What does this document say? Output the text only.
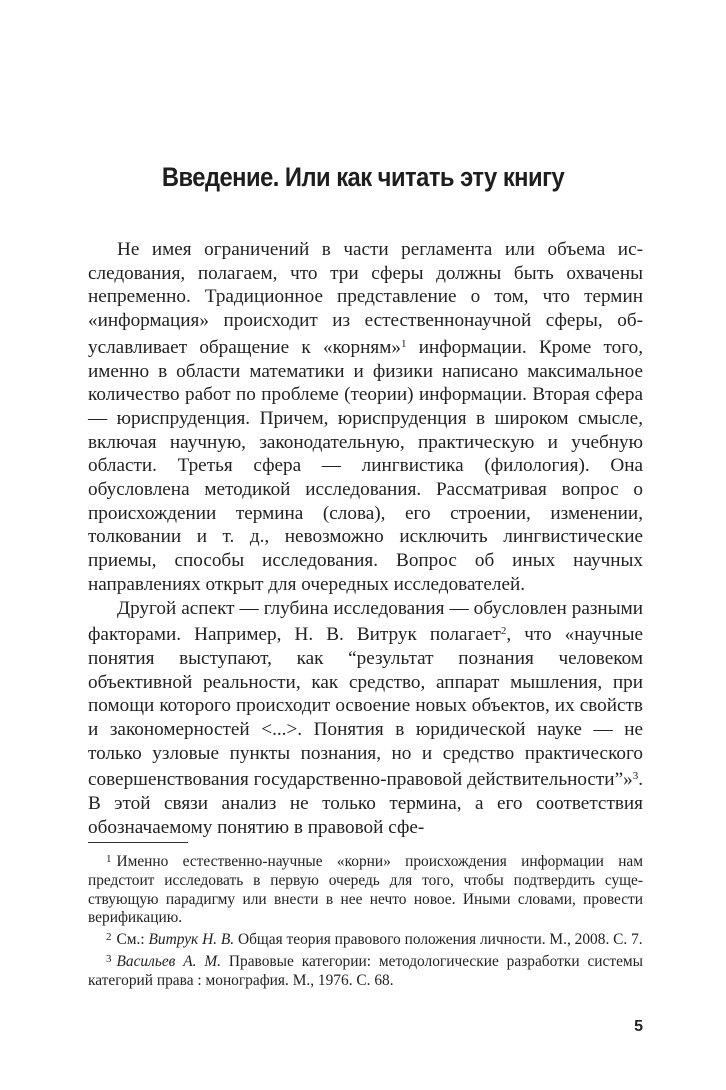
Введение. Или как читать эту книгу

Не имея ограничений в части регламента или объема исследования, полагаем, что три сферы должны быть охвачены непременно. Традиционное представление о том, что термин «информация» происходит из естественнонаучной сферы, обуславливает обращение к «корням»$^1$ информации. Кроме того, именно в области математики и физики написано максимальное количество работ по проблеме (теории) информации. Вторая сфера — юриспруденция. Причем, юриспруденция в широком смысле, включая научную, законодательную, практическую и учебную области. Третья сфера — лингвистика (филология). Она обусловлена методикой исследования. Рассматривая вопрос о происхождении термина (слова), его строении, изменении, толковании и т. д., невозможно исключить лингвистические приемы, способы исследования. Вопрос об иных научных направлениях открыт для очередных исследователей.

Другой аспект — глубина исследования — обусловлен разными факторами. Например, Н. В. Витрук полагает$^2$, что «научные понятия выступают, как “результат познания человеком объективной реальности, как средство, аппарат мышления, при помощи которого происходит освоение новых объектов, их свойств и закономерностей <...>. Понятия в юридической науке — не только узловые пункты познания, но и средство практического совершенствования государственно-правовой действительности”»$^3$. В этой связи анализ не только термина, а его соответствия обозначаемому понятию в правовой сфе-

$^1$ Именно естественно-научные «корни» происхождения информации нам предстоит исследовать в первую очередь для того, чтобы подтвердить существующую парадигму или внести в нее нечто новое. Иными словами, провести верификацию.

$^2$ См.: Витрук Н. В. Общая теория правового положения личности. М., 2008. С. 7.

$^3$ Васильев А. М. Правовые категории: методологические разработки системы категорий права : монография. М., 1976. С. 68.

5
